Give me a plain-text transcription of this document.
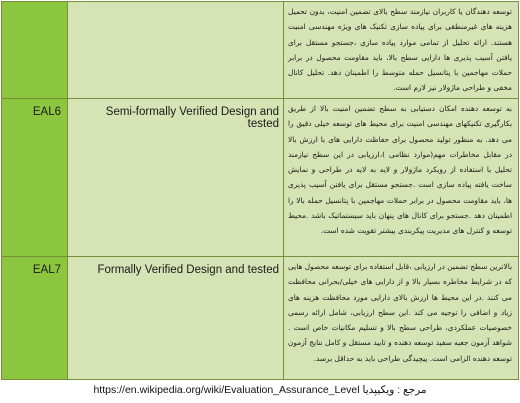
		توسعه دهندگان یا کاربران نیازمند سطح بالای تضمین امنیت، بدون تحمیل هزینه های غیرمنطقی برای پیاده سازی تکنیک های ویژه مهندسی امنیت هستند. ارائه تحلیل از تمامی موارد پیاده سازی ،جستجو مستقل برای یافتن آسیب پذیری ها دارایی سطح بالا، باید مقاومت محصول در برابر حملات مهاجمین با پتانسیل حمله متوسط را اطمینان دهد. تحلیل کانال مخفی و طراحی ماژولار نیز لازم است.

EAL6	Semi-formally Verified Design and tested	به توسعه دهنده امکان دستیابی به سطح تضمین امنیت بالا از طریق بکارگیری تکنیکهای مهندسی امنیت برای محیط های توسعه خیلی دقیق را می دهد. به منظور تولید محصول برای حفاظت دارایی های با ارزش بالا در مقابل مخاطرات مهم(موارد نظامی )،ارزیابی در این سطح نیازمند تحلیل با استفاده از رویکرد ماژولار و لایه به لایه در طراحی و نمایش ساخت یافته پیاده سازی است .جستجو مستقل برای یافتن آسیب پذیری ها، باید مقاومت محصول در برابر حملات مهاجمین با پتانسیل حمله بالا را اطمینان دهد .جستجو برای کانال های پنهان باید سیستماتیک باشد .محیط توسعه و کنترل های مدیریت پیکربندی بیشتر تقویت شده است.

EAL7	Formally Verified Design and tested	بالاترین سطح تضمین در ارزیابی ،قابل استفاده برای توسعه محصول هایی که در شرایط مخاطره بسیار بالا و از دارایی های خیلی/بحرانی محافظت می کنند .در این محیط ها ارزش بالای دارایی مورد محافظت هزینه های زیاد و اضافی را توجیه می کند .این سطح ارزیابی، شامل ارائه رسمی خصوصیات عملکردی، طراحی سطح بالا و تسلیم مکانیات خاص است . شواهد آزمون جعبه سفید توسعه دهنده و تایید مستقل و کامل نتایج آزمون توسعه دهنده الزامی است. پیچیدگی طراحی باید به حداقل برسد.
https://en.wikipedia.org/wiki/Evaluation_Assurance_Level مرجع : ویکیپدیا
